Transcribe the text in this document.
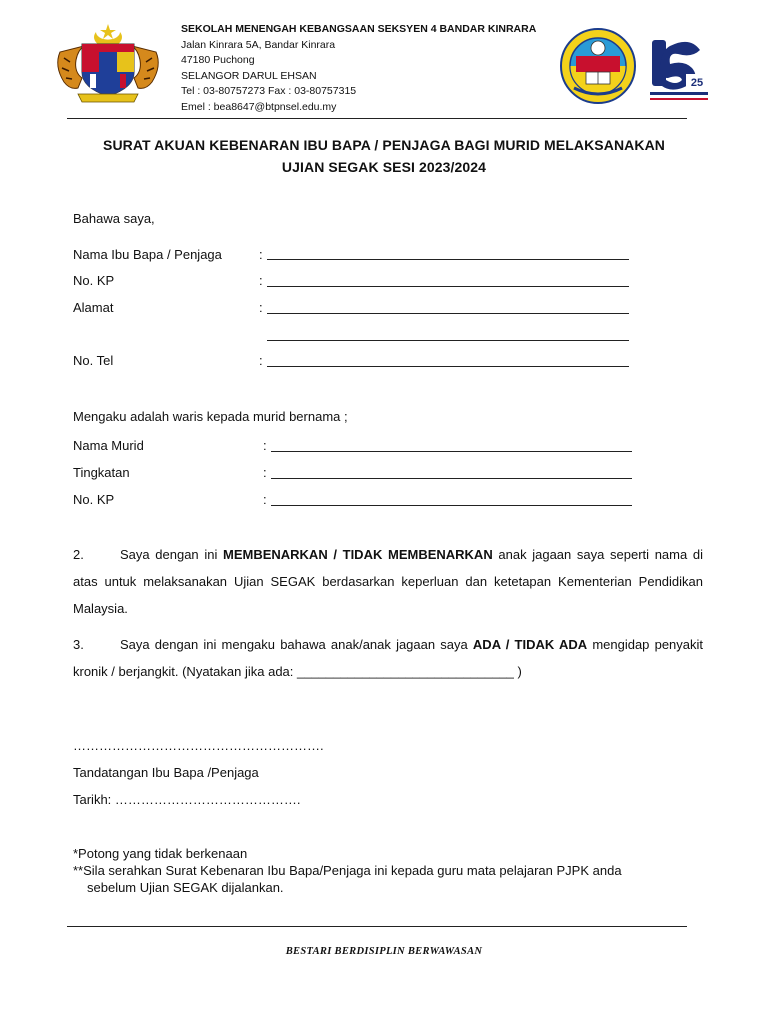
SEKOLAH MENENGAH KEBANGSAAN SEKSYEN 4 BANDAR KINRARA
Jalan Kinrara 5A, Bandar Kinrara
47180 Puchong
SELANGOR DARUL EHSAN
Tel : 03-80757273 Fax : 03-80757315
Emel : bea8647@btpnsel.edu.my
25
SURAT AKUAN KEBENARAN IBU BAPA / PENJAGA BAGI MURID MELAKSANAKAN
UJIAN SEGAK SESI 2023/2024
Bahawa saya,
Nama Ibu Bapa / Penjaga	:
No. KP	:
Alamat	:
No. Tel	:
Mengaku adalah waris kepada murid bernama ;
Nama Murid	:
Tingkatan	:
No. KP	:
2.	Saya dengan ini MEMBENARKAN / TIDAK MEMBENARKAN anak jagaan saya seperti nama di atas untuk melaksanakan Ujian SEGAK berdasarkan keperluan dan ketetapan Kementerian Pendidikan Malaysia.
3.	Saya dengan ini mengaku bahawa anak/anak jagaan saya ADA / TIDAK ADA mengidap penyakit kronik / berjangkit. (Nyatakan jika ada: ______________________________ )
………………………………………………….
Tandatangan Ibu Bapa /Penjaga
Tarikh: …………………………………….
*Potong yang tidak berkenaan
**Sila serahkan Surat Kebenaran Ibu Bapa/Penjaga ini kepada guru mata pelajaran PJPK anda
sebelum Ujian SEGAK dijalankan.
BESTARI BERDISIPLIN BERWAWASAN
